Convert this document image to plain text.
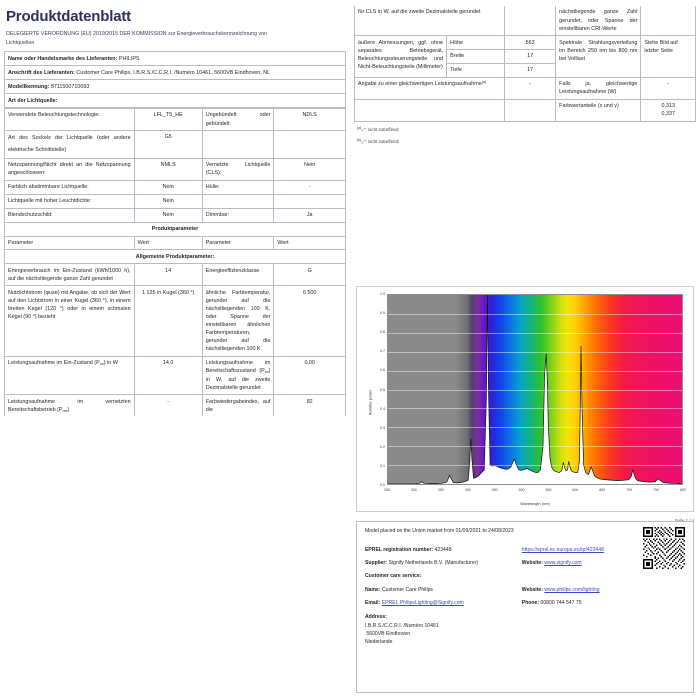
Produktdatenblatt
DELEGIERTE VERORDNUNG (EU) 2019/2015 DER KOMMISSION zur Energieverbrauchskennzeichnung von Lichtquellen
Name oder Handelsmarke des Lieferanten: PHILIPS
Anschrift des Lieferanten: Customer Care Philips, I.B.R.S./C.C.R.I. /Numéro 10461, 5600VB Eindhoven, NL
Modellkennung: 8711500710093
Art der Lichtquelle:
Verwendete Beleuchtungstechnologie:	LFL_T5_HE	Ungebündelt oder gebündelt:	NDLS
Art des Sockels der Lichtquelle (oder andere elektrische Schnittstelle)	G5		
Netzspannung/Nicht direkt an die Netzspannung angeschlossen:	NMLS	Vernetzte Lichtquelle (CLS):	Nein
Farblich abstimmbare Lichtquelle:	Nein	Hülle:	-
Lichtquelle mit hoher Leuchtdichte:	Nein		
Blendschutzschild:	Nein	Dimmbar:	Ja
Produktparameter			
Parameter	Wert	Parameter	Wert
Allgemeine Produktparameter:			
Energieverbrauch im Ein-Zustand (kWh/1000 h), auf die nächstliegende ganze Zahl gerundet	14	Energieeffizienzklasse	G
Nutzlichtstrom (φuse) mit Angabe, ob sich der Wert auf den Lichtstrom in einer Kugel (360 °), in einem breiten Kegel (120 °) oder in einem schmalen Kegel (90 °) bezieht	1 125 in Kugel (360 °)	ähnliche Farbtemperatur, gerundet auf die nächstliegenden 100 K, oder Spanne der einstellbaren ähnlichen Farbtemperaturen, gerundet auf die nächstliegenden 100 K	6 500
Leistungsaufnahme im Ein-Zustand $(P_{on})$ in W	14,0	Leistungsaufnahme im Bereitschaftszustand $(P_{sb})$ in W, auf die zweite Dezimalstelle gerundet	0,00
Leistungsaufnahme im vernetzten Bereitschaftsbetrieb $(P_{net})$	-	Farbwiedergabeindex, auf die	82
für CLS in W, auf die zweite Dezimalstelle gerundet			nächstliegende ganze Zahl gerundet, oder Spanne der einstellbaren CRI-Werte	
äußere Abmessungen, ggf. ohne separates Betriebsgerät, Beleuchtungssteuerungsteile und Nicht-Beleuchtungsteile (Millimeter)	Höhe	563	Spektrale Strahlungsverteilung im Bereich 250 nm bis 800 nm bei Volllast	Siehe Bild auf letzter Seite
	Breite	17		
	Tiefe	17		
Angabe zu einer gleichwertigen Leistungsaufnahme$^{(a)}$		-	Falls ja, gleichwertige Leistungsaufnahme (W)	-
			Farbwertanteile (x und y)	0,313
0,337
$^{(a)}$„-“: nicht zutreffend;
$^{(b)}$„-“: nicht zutreffend;
0.0
0.1
0.2
0.3
0.4
0.5
0.6
0.7
0.8
0.9
1.0
250	300	350	400	450	500	550	600	650	700	750	800
Wavelength (nm)
Relative power
Model placed on the Union market from 01/09/2021 to 24/08/2023
EPREL registration number: 423448	https://eprel.ec.europa.eu/qr/423448
Supplier: Signify Netherlands B.V. (Manufacturer)	Website: www.signify.com
Customer care service:
Name: Customer Care Philips	Website: www.philips.com/lighting
Email: EPREL.PhilipsLighting@Signify.com	Phone: 00800 744 547 75
Address:
I.B.R.S./C.C.R.I. /Numéro 10461
5600VB Eindhoven
Niederlande
